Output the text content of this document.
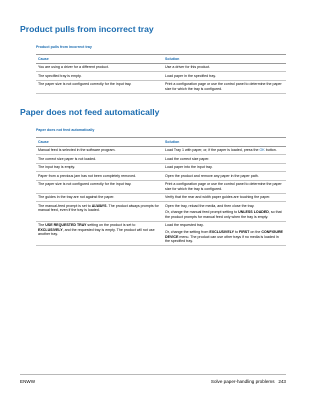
Product pulls from incorrect tray
Product pulls from incorrect tray
Cause	Solution
You are using a driver for a different product.	Use a driver for this product.
The specified tray is empty.	Load paper in the specified tray.
The paper size is not configured correctly for the input tray.	Print a configuration page or use the control panel to determine the paper size for which the tray is configured.
Paper does not feed automatically
Paper does not feed automatically
Cause	Solution
Manual feed is selected in the software program.	Load Tray 1 with paper, or, if the paper is loaded, press the OK button.
The correct size paper is not loaded.	Load the correct size paper.
The input tray is empty.	Load paper into the input tray.
Paper from a previous jam has not been completely removed.	Open the product and remove any paper in the paper path.
The paper size is not configured correctly for the input tray.	Print a configuration page or use the control panel to determine the paper size for which the tray is configured.
The guides in the tray are not against the paper.	Verify that the rear and width paper guides are touching the paper.
The manual-feed prompt is set to ALWAYS. The product always prompts for manual feed, even if the tray is loaded.	Open the tray, reload the media, and then close the tray.
Or, change the manual feed prompt setting to UNLESS LOADED, so that the product prompts for manual feed only when the tray is empty.

The USE REQUESTED TRAY setting on the product is set to EXCLUSIVELY, and the requested tray is empty. The product will not use another tray.	Load the requested tray.
Or, change the setting from EXCLUSIVELY to FIRST on the CONFIGURE DEVICE menu. The product can use other trays if no media is loaded in the specified tray.
ENWW	Solve paper-handling problems   243
